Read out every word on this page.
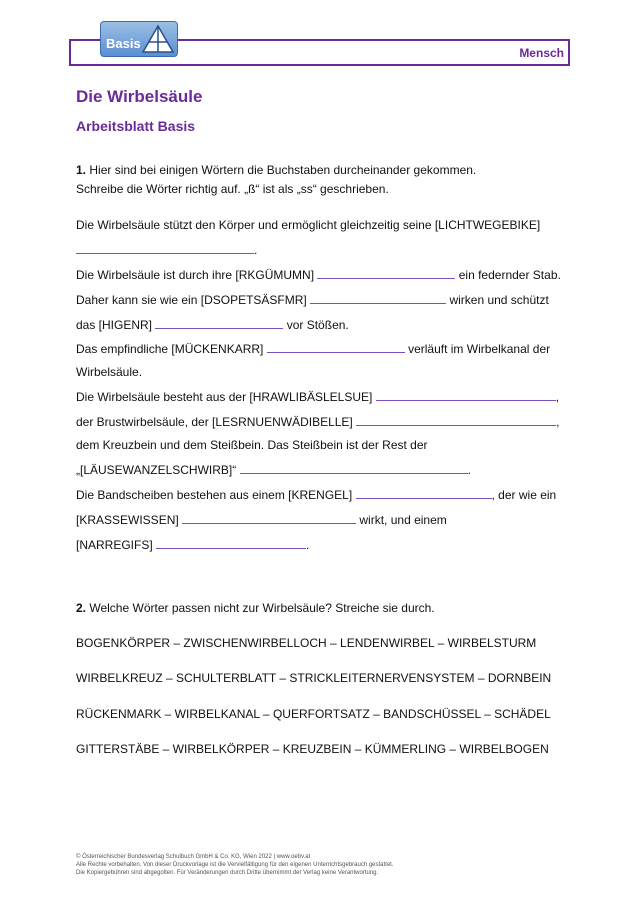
Basis
Mensch
Die Wirbelsäule
Arbeitsblatt Basis
1. Hier sind bei einigen Wörtern die Buchstaben durcheinander gekommen.
Schreibe die Wörter richtig auf. „ß“ ist als „ss“ geschrieben.
Die Wirbelsäule stützt den Körper und ermöglicht gleichzeitig seine [LICHTWEGEBIKE]
.
Die Wirbelsäule ist durch ihre [RKGÜMUMN]	ein federnder Stab.
Daher kann sie wie ein [DSOPETSÄSFMR]	wirken und schützt
das [HIGENR]	vor Stößen.
Das empfindliche [MÜCKENKARR]	verläuft im Wirbelkanal der
Wirbelsäule.
Die Wirbelsäule besteht aus der [HRAWLIBÄSLELSUE]	,
der Brustwirbelsäule, der [LESRNUENWÄDIBELLE]	,
dem Kreuzbein und dem Steißbein. Das Steißbein ist der Rest der
„[LÄUSEWANZELSCHWIRB]“	.
Die Bandscheiben bestehen aus einem [KRENGEL]	, der wie ein
[KRASSEWISSEN]	wirkt, und einem
[NARREGIFS]	.
2. Welche Wörter passen nicht zur Wirbelsäule? Streiche sie durch.
BOGENKÖRPER – ZWISCHENWIRBELLOCH – LENDENWIRBEL – WIRBELSTURM
WIRBELKREUZ – SCHULTERBLATT – STRICKLEITERNERVENSYSTEM – DORNBEIN
RÜCKENMARK – WIRBELKANAL – QUERFORTSATZ – BANDSCHÜSSEL – SCHÄDEL
GITTERSTÄBE – WIRBELKÖRPER – KREUZBEIN – KÜMMERLING – WIRBELBOGEN
© Österreichischer Bundesverlag Schulbuch GmbH & Co. KG, Wien 2022 | www.oebv.at
Alle Rechte vorbehalten. Von dieser Druckvorlage ist die Vervielfältigung für den eigenen Unterrichtsgebrauch gestattet.
Die Kopiergebühren sind abgegolten. Für Veränderungen durch Dritte übernimmt der Verlag keine Verantwortung.
